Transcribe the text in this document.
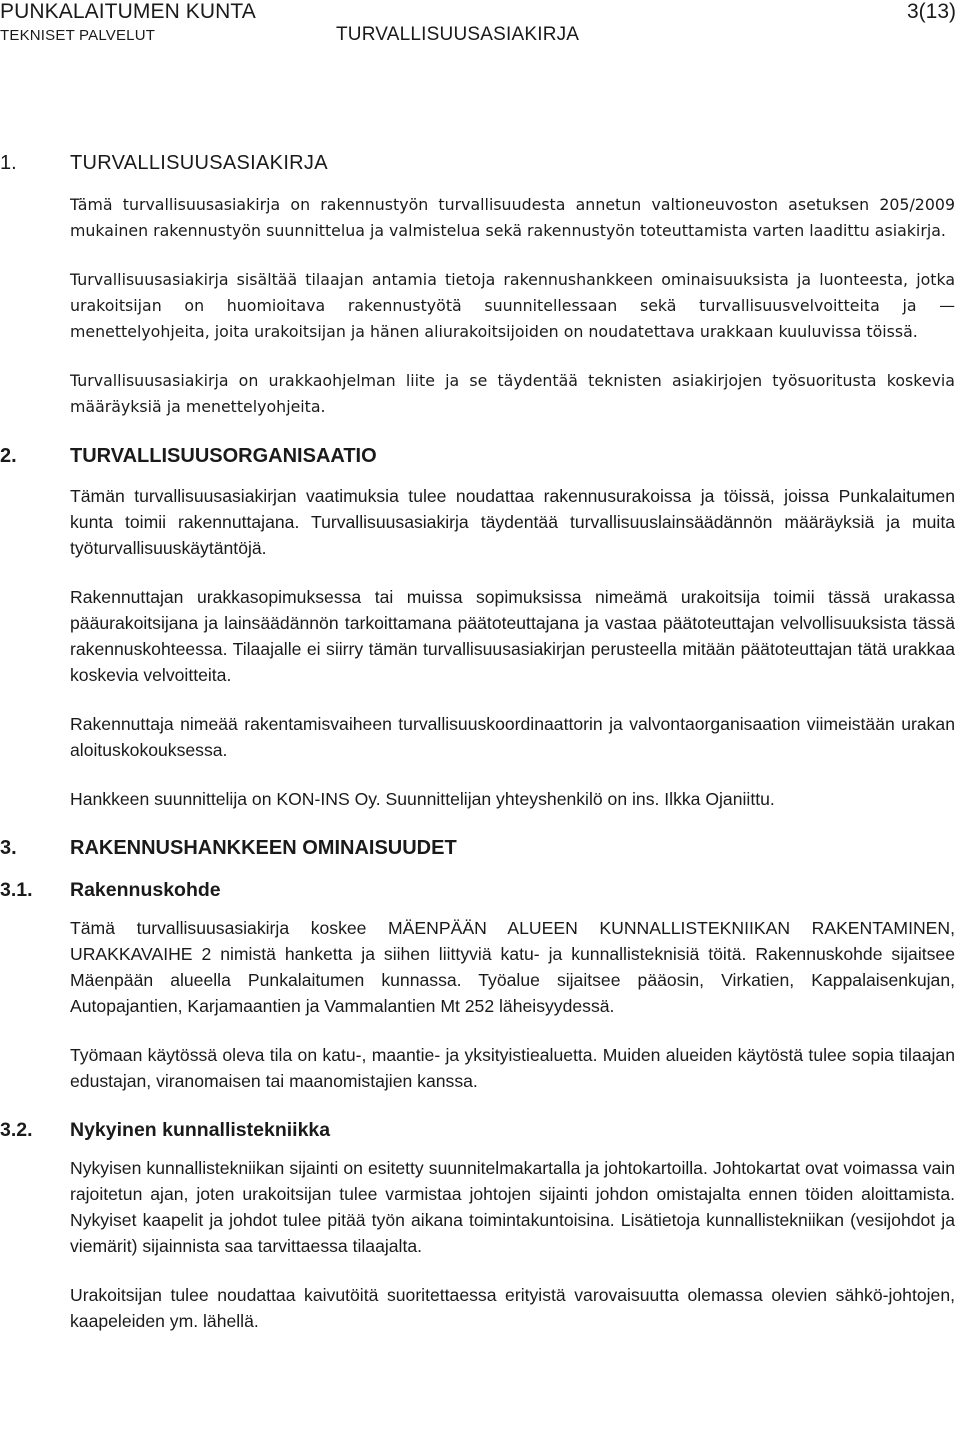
PUNKALAITUMEN KUNTA	3(13)
TEKNISET PALVELUT	TURVALLISUUSASIAKIRJA
1.	TURVALLISUUSASIAKIRJA

Tämä turvallisuusasiakirja on rakennustyön turvallisuudesta annetun valtioneuvoston asetuksen 205/2009 mukainen rakennustyön suunnittelua ja valmistelua sekä rakennustyön toteuttamista varten laadittu asiakirja.

Turvallisuusasiakirja sisältää tilaajan antamia tietoja rakennushankkeen ominaisuuksista ja luonteesta, jotka urakoitsijan on huomioitava rakennustyötä suunnitellessaan sekä turvallisuusvelvoitteita ja — menettelyohjeita, joita urakoitsijan ja hänen aliurakoitsijoiden on noudatettava urakkaan kuuluvissa töissä.

Turvallisuusasiakirja on urakkaohjelman liite ja se täydentää teknisten asiakirjojen työsuoritusta koskevia määräyksiä ja menettelyohjeita.

2.	TURVALLISUUSORGANISAATIO

Tämän turvallisuusasiakirjan vaatimuksia tulee noudattaa rakennusurakoissa ja töissä, joissa Punkalaitumen kunta toimii rakennuttajana. Turvallisuusasiakirja täydentää turvallisuuslainsäädännön määräyksiä ja muita työturvallisuuskäytäntöjä.

Rakennuttajan urakkasopimuksessa tai muissa sopimuksissa nimeämä urakoitsija toimii tässä urakassa pääurakoitsijana ja lainsäädännön tarkoittamana päätoteuttajana ja vastaa päätoteuttajan velvollisuuksista tässä rakennuskohteessa. Tilaajalle ei siirry tämän turvallisuusasiakirjan perusteella mitään päätoteuttajan tätä urakkaa koskevia velvoitteita.

Rakennuttaja nimeää rakentamisvaiheen turvallisuuskoordinaattorin ja valvontaorganisaation viimeistään urakan aloituskokouksessa.

Hankkeen suunnittelija on KON-INS Oy. Suunnittelijan yhteyshenkilö on ins. Ilkka Ojaniittu.

3.	RAKENNUSHANKKEEN OMINAISUUDET
3.1.	Rakennuskohde

Tämä turvallisuusasiakirja koskee MÄENPÄÄN ALUEEN KUNNALLISTEKNIIKAN RAKENTAMINEN, URAKKAVAIHE 2 nimistä hanketta ja siihen liittyviä katu- ja kunnallisteknisiä töitä. Rakennuskohde sijaitsee Mäenpään alueella Punkalaitumen kunnassa. Työalue sijaitsee pääosin, Virkatien, Kappalaisenkujan, Autopajantien, Karjamaantien ja Vammalantien Mt 252 läheisyydessä.

Työmaan käytössä oleva tila on katu-, maantie- ja yksityistiealuetta. Muiden alueiden käytöstä tulee sopia tilaajan edustajan, viranomaisen tai maanomistajien kanssa.

3.2.	Nykyinen kunnallistekniikka

Nykyisen kunnallistekniikan sijainti on esitetty suunnitelmakartalla ja johtokartoilla. Johtokartat ovat voimassa vain rajoitetun ajan, joten urakoitsijan tulee varmistaa johtojen sijainti johdon omistajalta ennen töiden aloittamista. Nykyiset kaapelit ja johdot tulee pitää työn aikana toimintakuntoisina. Lisätietoja kunnallistekniikan (vesijohdot ja viemärit) sijainnista saa tarvittaessa tilaajalta.

Urakoitsijan tulee noudattaa kaivutöitä suoritettaessa erityistä varovaisuutta olemassa olevien sähkö-johtojen, kaapeleiden ym. lähellä.
